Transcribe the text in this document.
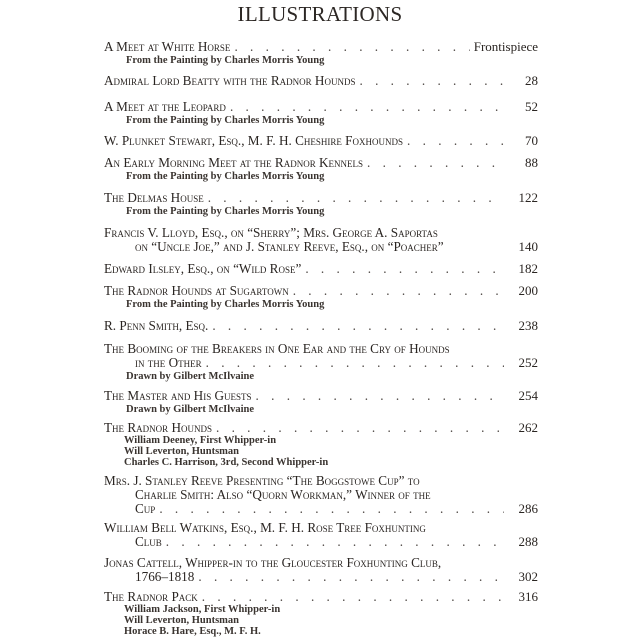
ILLUSTRATIONS
A Meet at White Horse . . .	Frontispiece
From the Painting by Charles Morris Young
Admiral Lord Beatty with the Radnor Hounds . . .	28
A Meet at the Leopard . . .	52
From the Painting by Charles Morris Young
W. Plunket Stewart, Esq., M. F. H. Cheshire Foxhounds . . .	70
An Early Morning Meet at the Radnor Kennels . . .	88
From the Painting by Charles Morris Young
The Delmas House . . .	122
From the Painting by Charles Morris Young
Francis V. Lloyd, Esq., on “Sherry”; Mrs. George A. Saportas
on “Uncle Joe,” and J. Stanley Reeve, Esq., on “Poacher”	140
Edward Ilsley, Esq., on “Wild Rose” . . .	182
The Radnor Hounds at Sugartown . . .	200
From the Painting by Charles Morris Young
R. Penn Smith, Esq. . . .	238
The Booming of the Breakers in One Ear and the Cry of Hounds
in the Other . . .	252
Drawn by Gilbert McIlvaine
The Master and His Guests . . .	254
Drawn by Gilbert McIlvaine
The Radnor Hounds . . .	262
William Deeney, First Whipper-in
Will Leverton, Huntsman
Charles C. Harrison, 3rd, Second Whipper-in
Mrs. J. Stanley Reeve Presenting “The Boggstowe Cup” to
Charlie Smith: Also “Quorn Workman,” Winner of the
Cup . . .	286
William Bell Watkins, Esq., M. F. H. Rose Tree Foxhunting
Club . . .	288
Jonas Cattell, Whipper-in to the Gloucester Foxhunting Club,
1766–1818 . . .	302
The Radnor Pack . . .	316
William Jackson, First Whipper-in
Will Leverton, Huntsman
Horace B. Hare, Esq., M. F. H.
